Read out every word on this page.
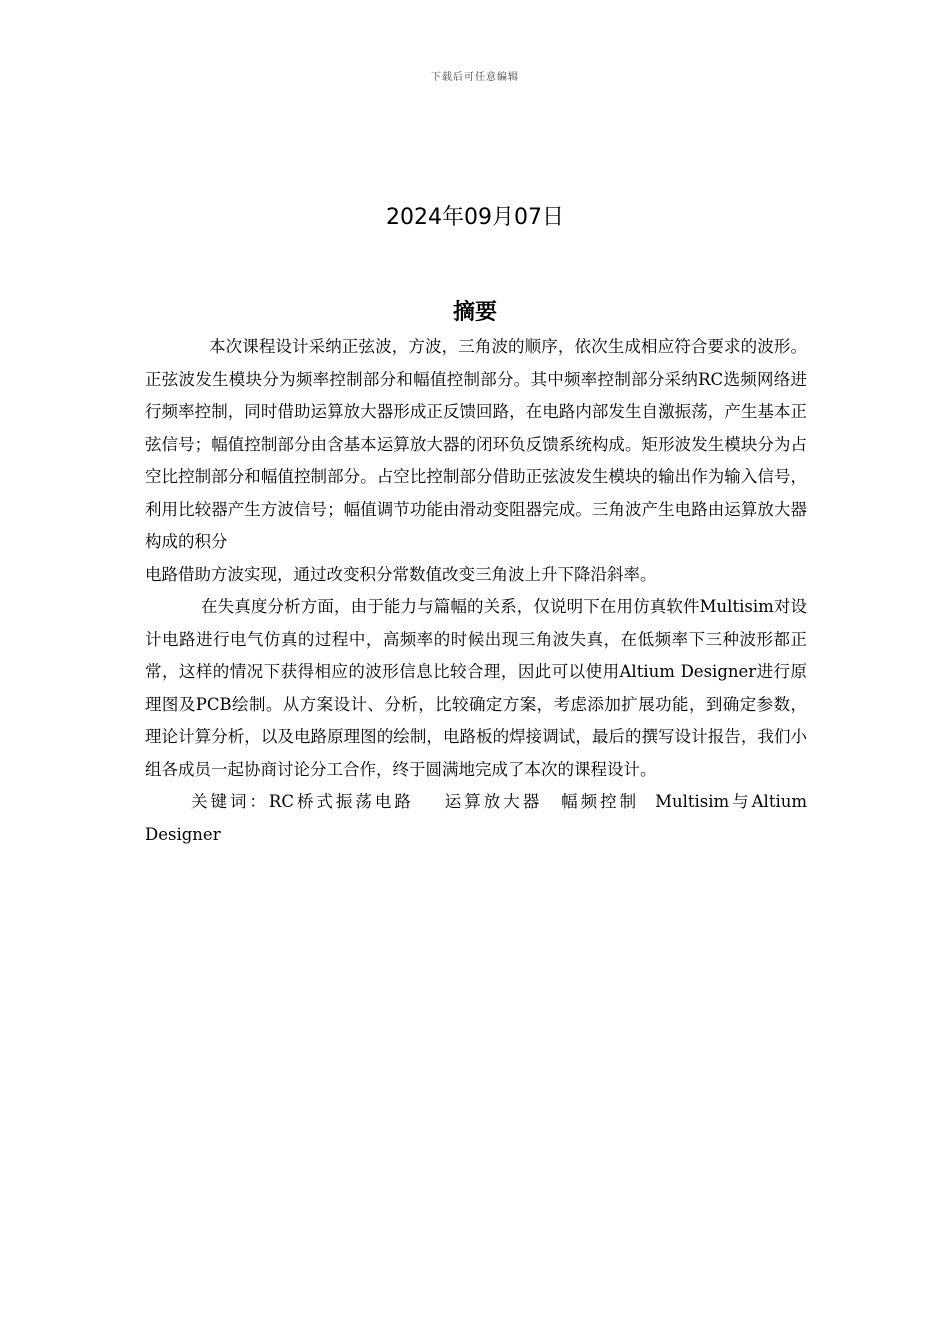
下载后可任意编辑
2024年09月07日
摘要

本次课程设计采纳正弦波，方波，三角波的顺序，依次生成相应符合要求的波形。正弦波发生模块分为频率控制部分和幅值控制部分。其中频率控制部分采纳RC选频网络进行频率控制，同时借助运算放大器形成正反馈回路，在电路内部发生自激振荡，产生基本正弦信号；幅值控制部分由含基本运算放大器的闭环负反馈系统构成。矩形波发生模块分为占空比控制部分和幅值控制部分。占空比控制部分借助正弦波发生模块的输出作为输入信号，利用比较器产生方波信号；幅值调节功能由滑动变阻器完成。三角波产生电路由运算放大器构成的积分

电路借助方波实现，通过改变积分常数值改变三角波上升下降沿斜率。

在失真度分析方面，由于能力与篇幅的关系，仅说明下在用仿真软件Multisim对设计电路进行电气仿真的过程中，高频率的时候出现三角波失真，在低频率下三种波形都正常，这样的情况下获得相应的波形信息比较合理，因此可以使用Altium Designer进行原理图及PCB绘制。从方案设计、分析，比较确定方案，考虑添加扩展功能，到确定参数，理论计算分析，以及电路原理图的绘制，电路板的焊接调试，最后的撰写设计报告，我们小组各成员一起协商讨论分工合作，终于圆满地完成了本次的课程设计。

关键词：RC桥式振荡电路 运算放大器 幅频控制 Multisim与Altium Designer
